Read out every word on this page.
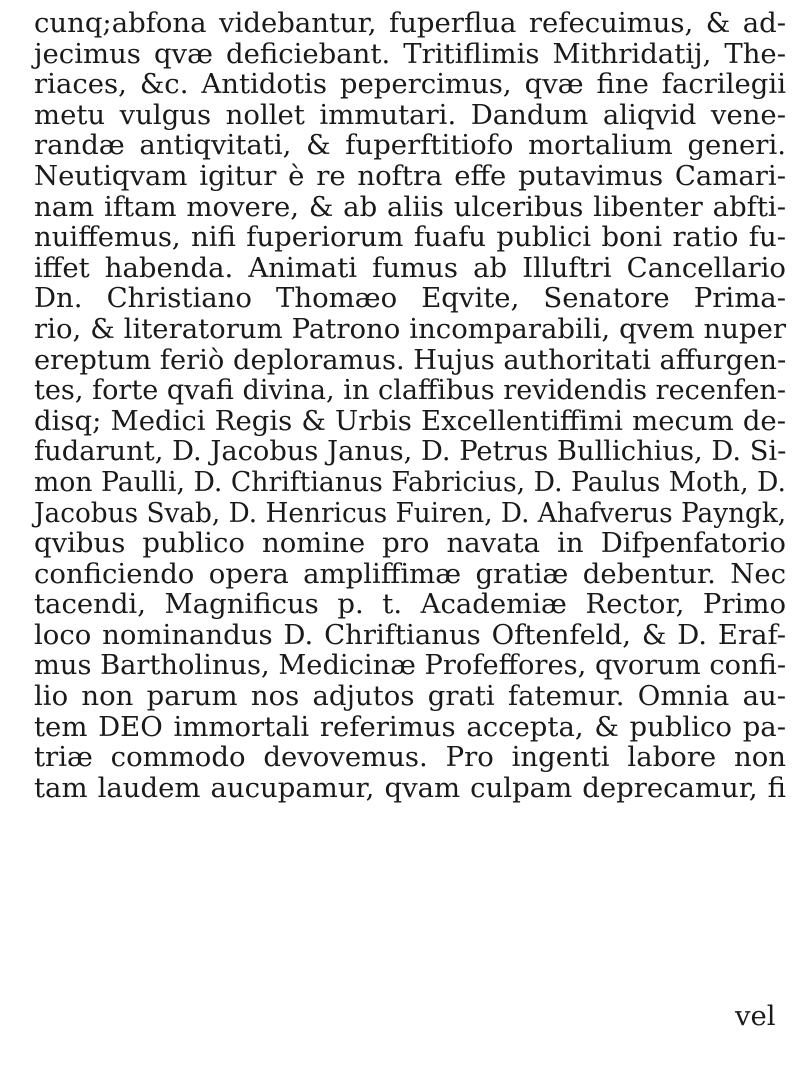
cunq;abfona videbantur, fuperflua refecuimus, & ad-
jecimus qvæ deficiebant. Tritiflimis Mithridatij, The-
riaces, &c. Antidotis pepercimus, qvæ fine facrilegii
metu vulgus nollet immutari. Dandum aliqvid vene-
randæ antiqvitati, & fuperftitiofo mortalium generi.
Neutiqvam igitur è re noftra effe putavimus Camari-
nam iftam movere, & ab aliis ulceribus libenter abfti-
nuiffemus, nifi fuperiorum fuafu publici boni ratio fu-
iffet habenda. Animati fumus ab Illuftri Cancellario
Dn. Christiano Thomæo Eqvite, Senatore Prima-
rio, & literatorum Patrono incomparabili, qvem nuper
ereptum feriò deploramus. Hujus authoritati affurgen-
tes, forte qvafi divina, in claffibus revidendis recenfen-
disq; Medici Regis & Urbis Excellentiffimi mecum de-
fudarunt, D. Jacobus Janus, D. Petrus Bullichius, D. Si-
mon Paulli, D. Chriftianus Fabricius, D. Paulus Moth, D.
Jacobus Svab, D. Henricus Fuiren, D. Ahafverus Payngk,
qvibus publico nomine pro navata in Difpenfatorio
conficiendo opera ampliffimæ gratiæ debentur. Nec
tacendi, Magnificus p. t. Academiæ Rector, Primo
loco nominandus D. Chriftianus Oftenfeld, & D. Eraf-
mus Bartholinus, Medicinæ Profeffores, qvorum confi-
lio non parum nos adjutos grati fatemur. Omnia au-
tem DEO immortali referimus accepta, & publico pa-
triæ commodo devovemus. Pro ingenti labore non
tam laudem aucupamur, qvam culpam deprecamur, fi
vel
